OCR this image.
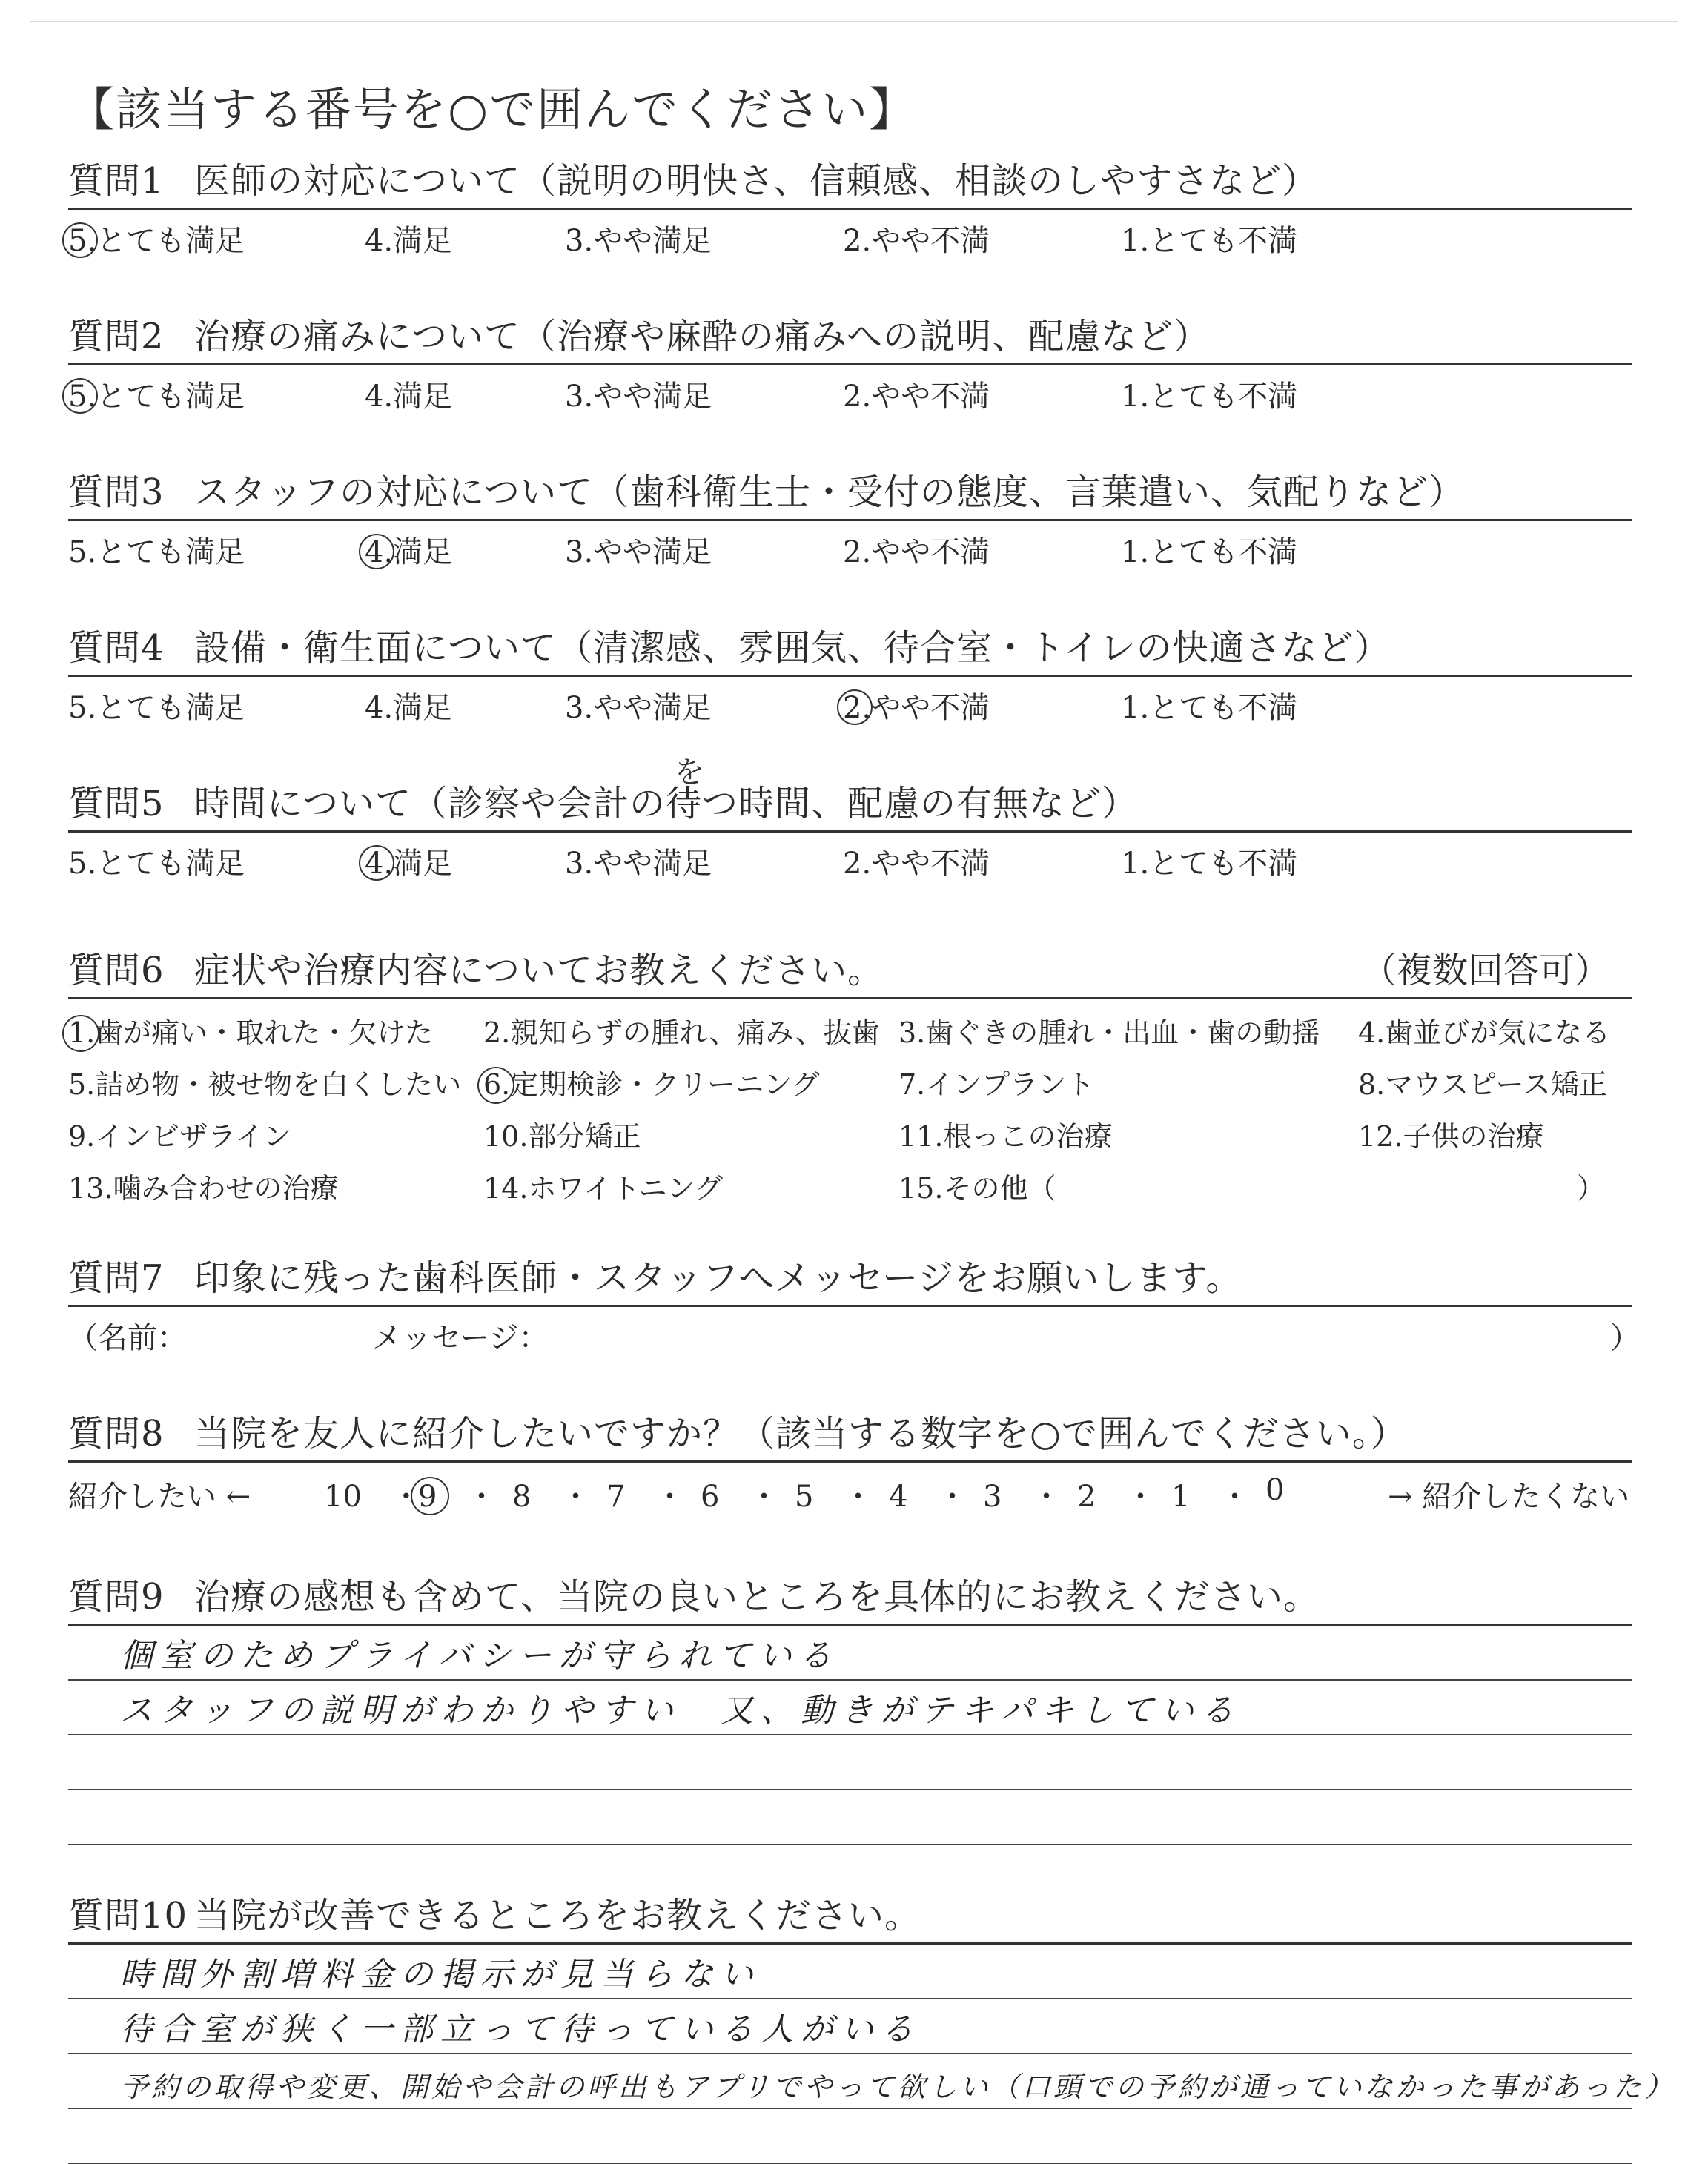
【該当する番号を○で囲んでください】
質問1 医師の対応について（説明の明快さ、信頼感、相談のしやすさなど）
5.とても満足	4.満足	3.やや満足	2.やや不満	1.とても不満
質問2 治療の痛みについて（治療や麻酔の痛みへの説明、配慮など）
5.とても満足	4.満足	3.やや満足	2.やや不満	1.とても不満
質問3 スタッフの対応について（歯科衛生士・受付の態度、言葉遣い、気配りなど）
5.とても満足	4.満足	3.やや満足	2.やや不満	1.とても不満
質問4 設備・衛生面について（清潔感、雰囲気、待合室・トイレの快適さなど）
5.とても満足	4.満足	3.やや満足	2.やや不満	1.とても不満
を
質問5 時間について（診察や会計の待つ時間、配慮の有無など）
5.とても満足	4.満足	3.やや満足	2.やや不満	1.とても不満
質問6 症状や治療内容についてお教えください。	（複数回答可）
）
1.歯が痛い・取れた・欠けた 2.親知らずの腫れ、痛み、抜歯 3.歯ぐきの腫れ・出血・歯の動揺 4.歯並びが気になる
5.詰め物・被せ物を白くしたい 6.定期検診・クリーニング	7.インプラント	8.マウスピース矯正
9.インビザライン	10.部分矯正	11.根っこの治療	12.子供の治療
13.噛み合わせの治療	14.ホワイトニング	15.その他（
質問7 印象に残った歯科医師・スタッフへメッセージをお願いします。
（名前：	メッセージ：	）
質問8 当院を友人に紹介したいですか？（該当する数字を○で囲んでください。）
紹介したい ←	→ 紹介したくない
10　・
9　・ 8　・ 7　・ 6　・ 5　・ 4　・ 3　・ 2　・ 1　・ 0
質問9 治療の感想も含めて、当院の良いところを具体的にお教えください。
個室のためプライバシーが守られている
スタッフの説明がわかりやすい　又、動きがテキパキしている
質問10 当院が改善できるところをお教えください。
時間外割増料金の掲示が見当らない
待合室が狭く一部立って待っている人がいる
予約の取得や変更、開始や会計の呼出もアプリでやって欲しい（口頭での予約が通っていなかった事があった）
